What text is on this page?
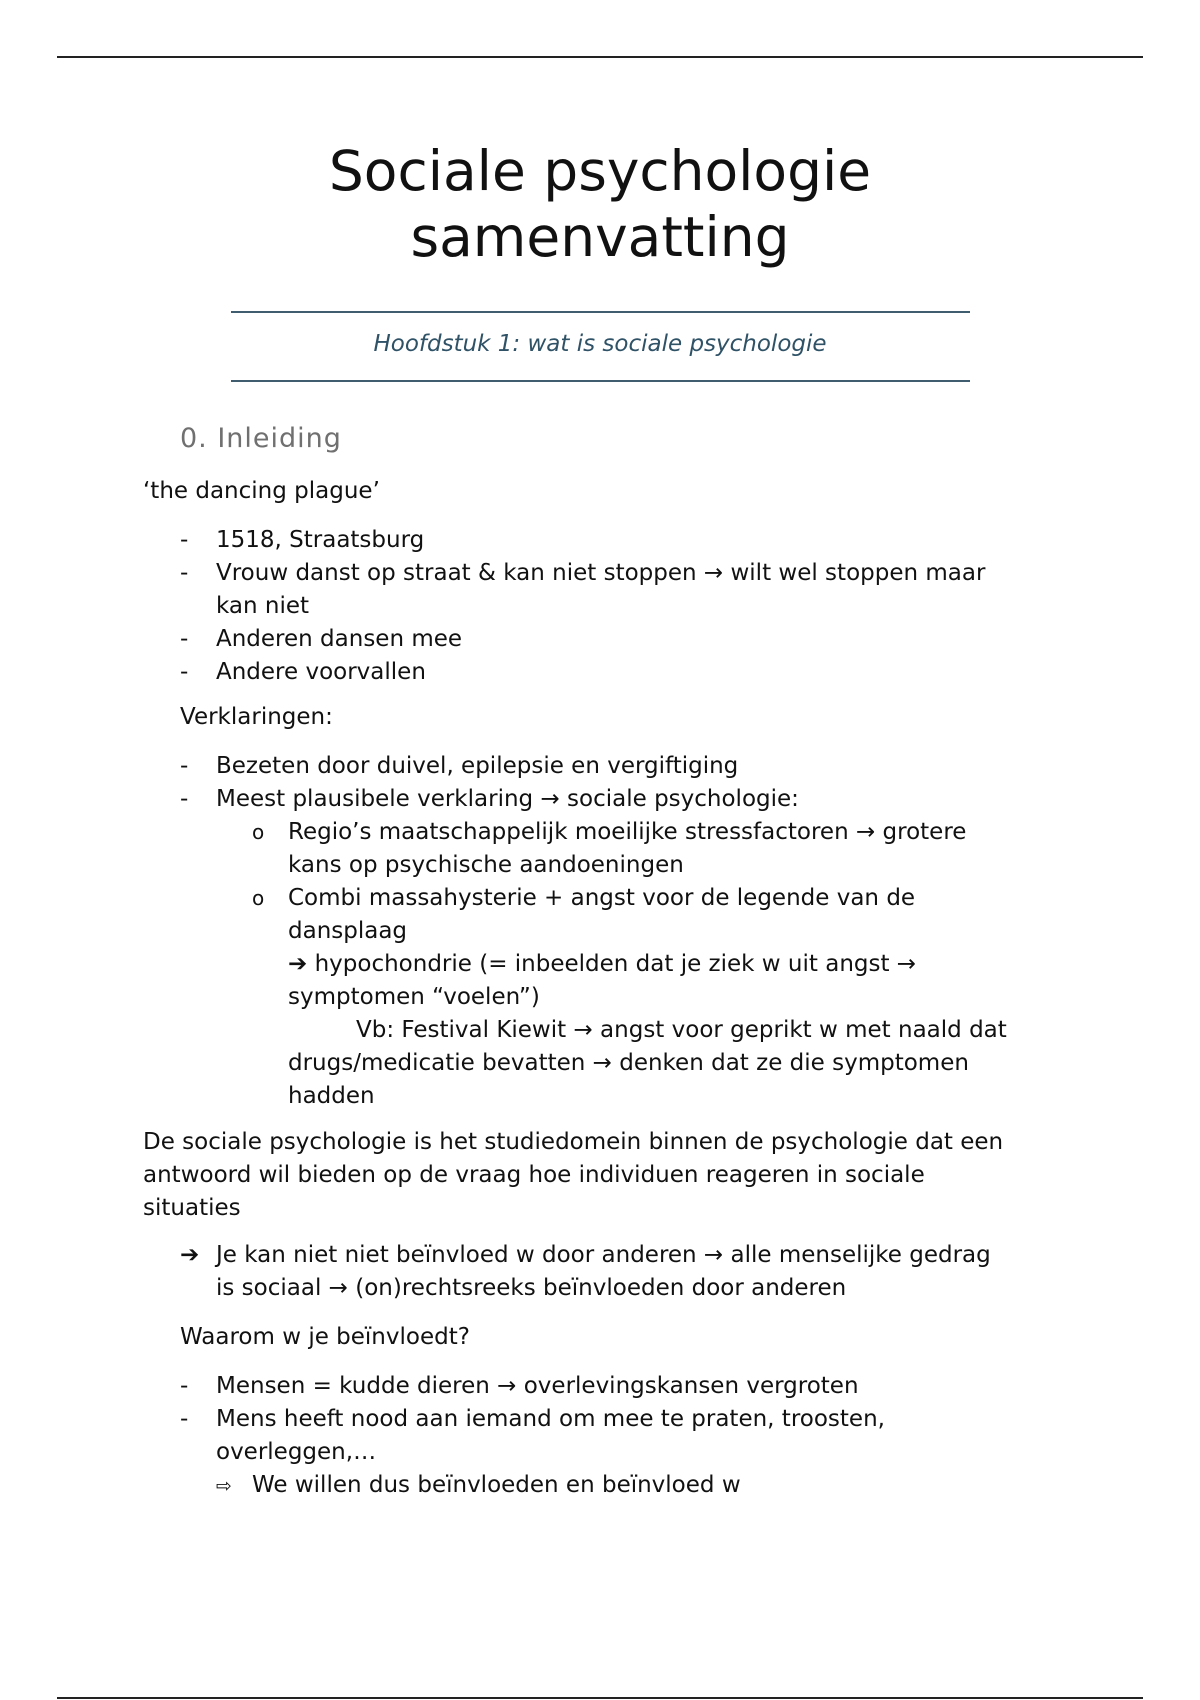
Sociale psychologie
samenvatting
Hoofdstuk 1: wat is sociale psychologie
0. Inleiding
‘the dancing plague’
- 1518, Straatsburg
- Vrouw danst op straat & kan niet stoppen → wilt wel stoppen maar
kan niet
- Anderen dansen mee
- Andere voorvallen
Verklaringen:
- Bezeten door duivel, epilepsie en vergiftiging
- Meest plausibele verklaring → sociale psychologie:
o Regio’s maatschappelijk moeilijke stressfactoren → grotere
kans op psychische aandoeningen
o Combi massahysterie + angst voor de legende van de
dansplaag
➔ hypochondrie (= inbeelden dat je ziek w uit angst →
symptomen “voelen”)
Vb: Festival Kiewit → angst voor geprikt w met naald dat
drugs/medicatie bevatten → denken dat ze die symptomen
hadden
De sociale psychologie is het studiedomein binnen de psychologie dat een
antwoord wil bieden op de vraag hoe individuen reageren in sociale
situaties
➔ Je kan niet niet beïnvloed w door anderen → alle menselijke gedrag
is sociaal → (on)rechtsreeks beïnvloeden door anderen
Waarom w je beïnvloedt?
- Mensen = kudde dieren → overlevingskansen vergroten
- Mens heeft nood aan iemand om mee te praten, troosten,
overleggen,…
⇨ We willen dus beïnvloeden en beïnvloed w
